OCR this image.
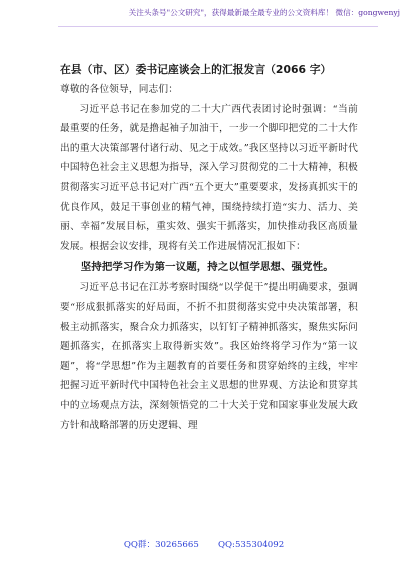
关注头条号"公文研究"，获得最新最全最专业的公文资料库！ 微信：gongwenyj
在县（市、区）委书记座谈会上的汇报发言（2066 字）

尊敬的各位领导，同志们：

习近平总书记在参加党的二十大广西代表团讨论时强调：“当前最重要的任务，就是撸起袖子加油干，一步一个脚印把党的二十大作出的重大决策部署付诸行动、见之于成效。”我区坚持以习近平新时代中国特色社会主义思想为指导，深入学习贯彻党的二十大精神，积极贯彻落实习近平总书记对广西“五个更大”重要要求，发扬真抓实干的优良作风，鼓足干事创业的精气神，围绕持续打造“实力、活力、美丽、幸福”发展目标，重实效、强实干抓落实，加快推动我区高质量发展。根据会议安排，现将有关工作进展情况汇报如下：

坚持把学习作为第一议题，持之以恒学思想、强党性。

习近平总书记在江苏考察时围绕“以学促干”提出明确要求，强调要“形成狠抓落实的好局面，不折不扣贯彻落实党中央决策部署，积极主动抓落实，聚合众力抓落实，以钉钉子精神抓落实，聚焦实际问题抓落实，在抓落实上取得新实效”。我区始终将学习作为“第一议题”，将“学思想”作为主题教育的首要任务和贯穿始终的主线，牢牢把握习近平新时代中国特色社会主义思想的世界观、方法论和贯穿其中的立场观点方法，深刻领悟党的二十大关于党和国家事业发展大政方针和战略部署的历史逻辑、理

QQ群：30265665 QQ:535304092
